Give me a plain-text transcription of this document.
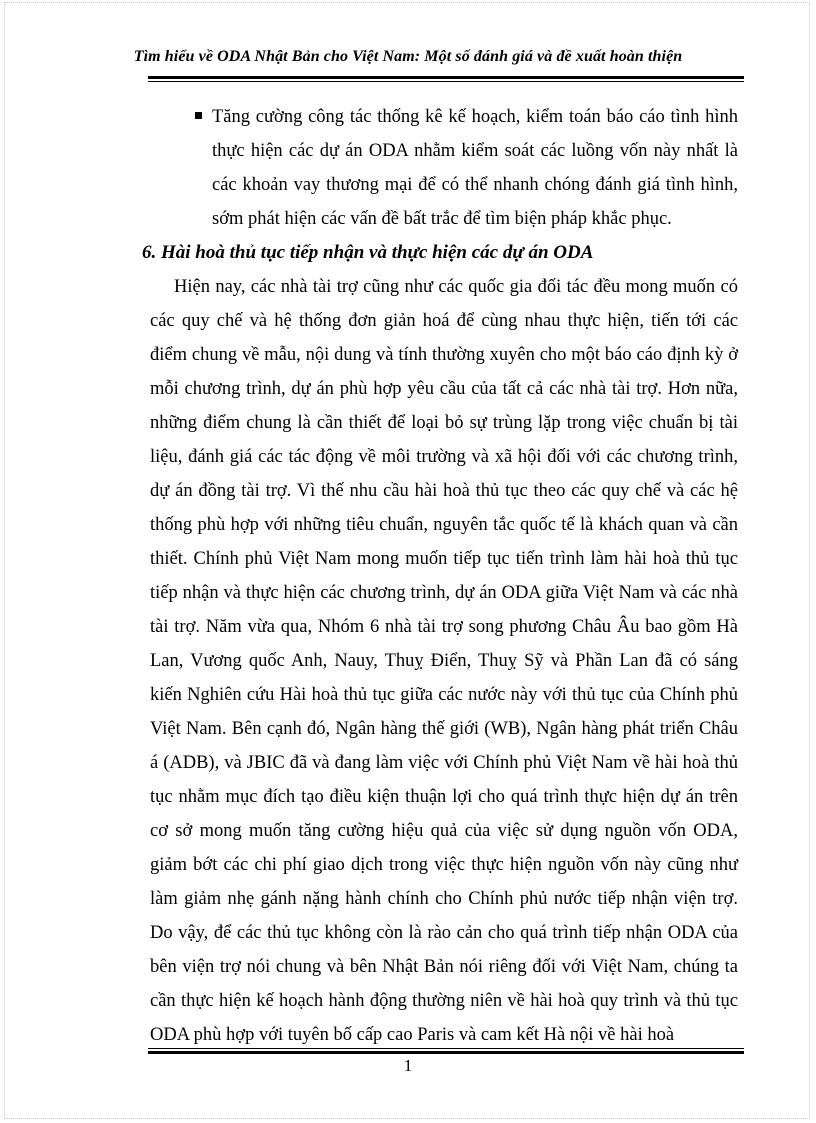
Tìm hiểu về ODA Nhật Bản cho Việt Nam: Một số đánh giá và đề xuất hoàn thiện
Tăng cường công tác thống kê kế hoạch, kiểm toán báo cáo tình hình thực hiện các dự án ODA nhằm kiểm soát các luồng vốn này nhất là các khoản vay thương mại để có thể nhanh chóng đánh giá tình hình, sớm phát hiện các vấn đề bất trắc để tìm biện pháp khắc phục.
6. Hài hoà thủ tục tiếp nhận và thực hiện các dự án ODA

Hiện nay, các nhà tài trợ cũng như các quốc gia đối tác đều mong muốn có các quy chế và hệ thống đơn giản hoá để cùng nhau thực hiện, tiến tới các điểm chung về mẫu, nội dung và tính thường xuyên cho một báo cáo định kỳ ở mỗi chương trình, dự án phù hợp yêu cầu của tất cả các nhà tài trợ. Hơn nữa, những điểm chung là cần thiết để loại bỏ sự trùng lặp trong việc chuẩn bị tài liệu, đánh giá các tác động về môi trường và xã hội đối với các chương trình, dự án đồng tài trợ. Vì thế nhu cầu hài hoà thủ tục theo các quy chế và các hệ thống phù hợp với những tiêu chuẩn, nguyên tắc quốc tế là khách quan và cần thiết. Chính phủ Việt Nam mong muốn tiếp tục tiến trình làm hài hoà thủ tục tiếp nhận và thực hiện các chương trình, dự án ODA giữa Việt Nam và các nhà tài trợ. Năm vừa qua, Nhóm 6 nhà tài trợ song phương Châu Âu bao gồm Hà Lan, Vương quốc Anh, Nauy, Thuỵ Điển, Thuỵ Sỹ và Phần Lan đã có sáng kiến Nghiên cứu Hài hoà thủ tục giữa các nước này với thủ tục của Chính phủ Việt Nam. Bên cạnh đó, Ngân hàng thế giới (WB), Ngân hàng phát triển Châu á (ADB), và JBIC đã và đang làm việc với Chính phủ Việt Nam về hài hoà thủ tục nhằm mục đích tạo điều kiện thuận lợi cho quá trình thực hiện dự án trên cơ sở mong muốn tăng cường hiệu quả của việc sử dụng nguồn vốn ODA, giảm bớt các chi phí giao dịch trong việc thực hiện nguồn vốn này cũng như làm giảm nhẹ gánh nặng hành chính cho Chính phủ nước tiếp nhận viện trợ. Do vậy, để các thủ tục không còn là rào cản cho quá trình tiếp nhận ODA của bên viện trợ nói chung và bên Nhật Bản nói riêng đối với Việt Nam, chúng ta cần thực hiện kế hoạch hành động thường niên về hài hoà quy trình và thủ tục ODA phù hợp với tuyên bố cấp cao Paris và cam kết Hà nội về hài hoà

1
